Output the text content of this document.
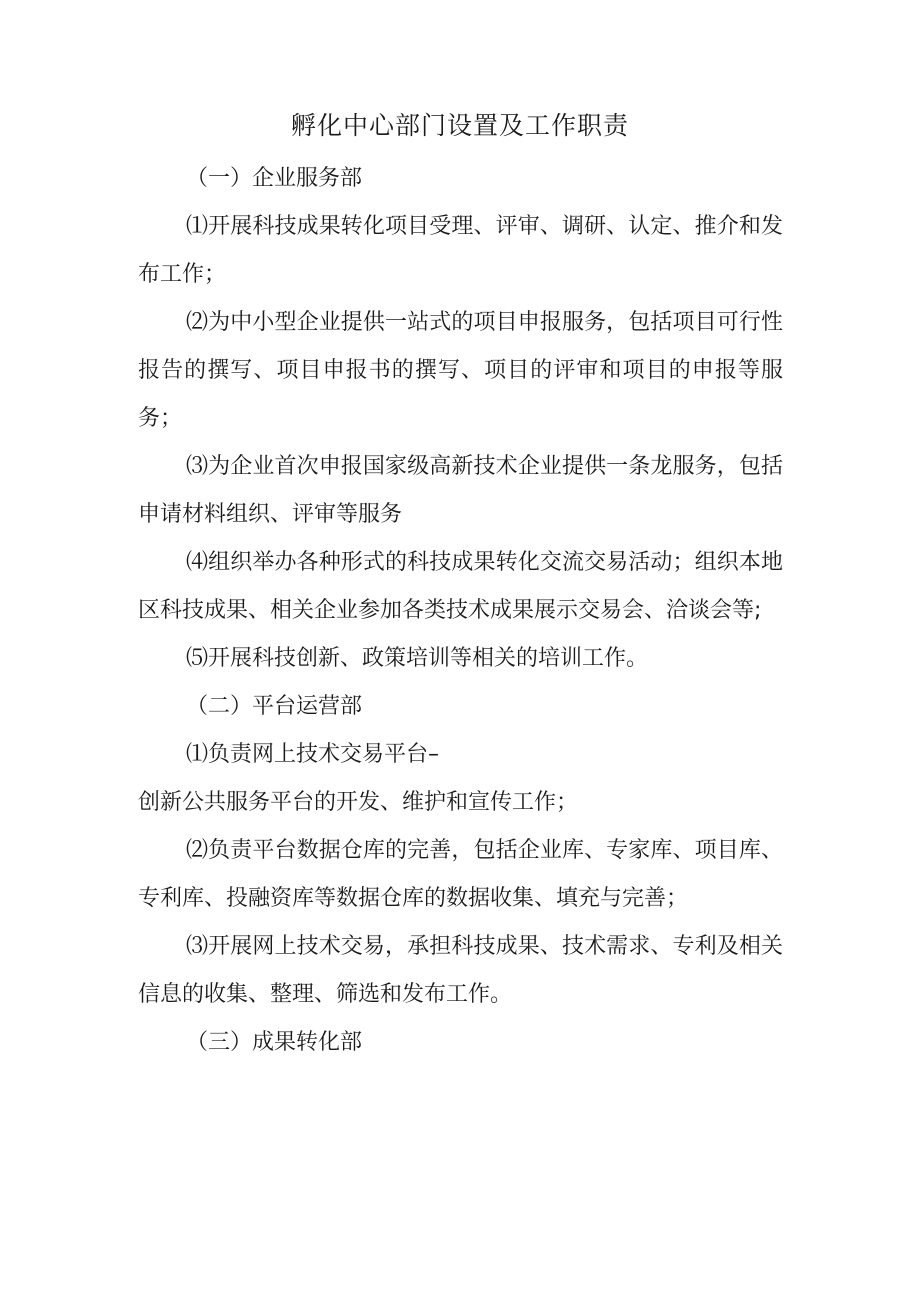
孵化中心部门设置及工作职责
（一）企业服务部

⑴开展科技成果转化项目受理、评审、调研、认定、推介和发布工作；

⑵为中小型企业提供一站式的项目申报服务，包括项目可行性报告的撰写、项目申报书的撰写、项目的评审和项目的申报等服务；

⑶为企业首次申报国家级高新技术企业提供一条龙服务，包括申请材料组织、评审等服务

⑷组织举办各种形式的科技成果转化交流交易活动；组织本地区科技成果、相关企业参加各类技术成果展示交易会、洽谈会等;

⑸开展科技创新、政策培训等相关的培训工作。

（二）平台运营部
⑴负责网上技术交易平台–
创新公共服务平台的开发、维护和宣传工作；

⑵负责平台数据仓库的完善，包括企业库、专家库、项目库、专利库、投融资库等数据仓库的数据收集、填充与完善；

⑶开展网上技术交易，承担科技成果、技术需求、专利及相关信息的收集、整理、筛选和发布工作。

（三）成果转化部
